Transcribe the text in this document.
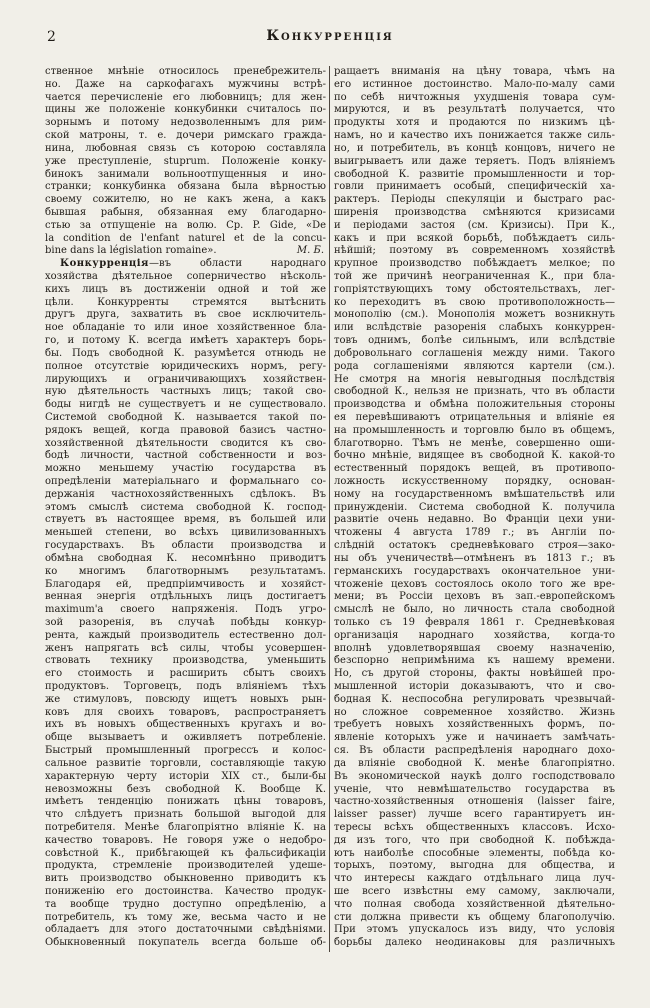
2	Конкурренція
ственное мнѣніе относилось пренебрежитель-
но. Даже на саркофагахъ мужчины встрѣ-
чается перечисленіе его любовницъ; для жен-
щины же положеніе конкубинки считалось по-
зорнымъ и потому недозволеннымъ для рим-
ской матроны, т. е. дочери римскаго гражда-
нина, любовная связь съ которою составляла
уже преступленіе, stuprum. Положеніе конку-
бинокъ занимали вольноотпущенныя и ино-
странки; конкубинка обязана была вѣрностью
своему сожителю, но не какъ жена, а какъ
бывшая рабыня, обязанная ему благодарно-
стью за отпущеніе на волю. Ср. P. Gide, «De
la condition de l'enfant naturel et de la concu-
bine dans la législation romaine».	М. Б.
Конкурренція—въ области народнаго
хозяйства дѣятельное соперничество нѣсколь-
кихъ лицъ въ достиженіи одной и той же
цѣли. Конкурренты стремятся вытѣснить
другъ друга, захватить въ свое исключитель-
ное обладаніе то или иное хозяйственное бла-
го, и потому К. всегда имѣетъ характеръ борь-
бы. Подъ свободной К. разумѣется отнюдь не
полное отсутствіе юридическихъ нормъ, регу-
лирующихъ и ограничивающихъ хозяйствен-
ную дѣятельность частныхъ лицъ; такой сво-
боды нигдѣ не существуетъ и не существовало.
Системой свободной К. называется такой по-
рядокъ вещей, когда правовой базисъ частно-
хозяйственной дѣятельности сводится къ сво-
бодѣ личности, частной собственности и воз-
можно меньшему участію государства въ
опредѣленіи матеріальнаго и формальнаго со-
держанія частнохозяйственныхъ сдѣлокъ. Въ
этомъ смыслѣ система свободной К. господ-
ствуетъ въ настоящее время, въ большей или
меньшей степени, во всѣхъ цивилизованныхъ
государствахъ. Въ области производства и
обмѣна свободная К. несомнѣнно приводитъ
ко многимъ благотворнымъ результатамъ.
Благодаря ей, предпріимчивость и хозяйст-
венная энергія отдѣльныхъ лицъ достигаетъ
maximum'а своего напряженія. Подъ угро-
зой разоренія, въ случаѣ побѣды конкур-
рента, каждый производитель естественно дол-
женъ напрягать всѣ силы, чтобы усовершен-
ствовать технику производства, уменьшить
его стоимость и расширить сбытъ своихъ
продуктовъ. Торговецъ, подъ вліяніемъ тѣхъ
же стимуловъ, повсюду ищетъ новыхъ рын-
ковъ для своихъ товаровъ, распространяетъ
ихъ въ новыхъ общественныхъ кругахъ и во-
обще вызываетъ и оживляетъ потребленіе.
Быстрый промышленный прогрессъ и колос-
сальное развитіе торговли, составляющіе такую
характерную черту исторіи XIX ст., были-бы
невозможны безъ свободной К. Вообще К.
имѣетъ тенденцію понижать цѣны товаровъ,
что слѣдуетъ признать большой выгодой для
потребителя. Менѣе благопріятно вліяніе К. на
качество товаровъ. Не говоря уже о недобро-
совѣстной К., прибѣгающей къ фальсификаціи
продукта, стремленіе производителей удеше-
вить производство обыкновенно приводитъ къ
пониженію его достоинства. Качество продук-
та вообще трудно доступно опредѣленію, а
потребитель, къ тому же, весьма часто и не
обладаетъ для этого достаточными свѣдѣніями.
Обыкновенный покупатель всегда больше об-
ращаетъ вниманія на цѣну товара, чѣмъ на
его истинное достоинство. Мало-по-малу сами
по себѣ ничтожныя ухудшенія товара сум-
мируются, и въ результатѣ получается, что
продукты хотя и продаются по низкимъ цѣ-
намъ, но и качество ихъ понижается также силь-
но, и потребитель, въ концѣ концовъ, ничего не
выигрываетъ или даже теряетъ. Подъ вліяніемъ
свободной К. развитіе промышленности и тор-
говли принимаетъ особый, специфическій ха-
рактеръ. Періоды спекуляціи и быстраго рас-
ширенія производства смѣняются кризисами
и періодами застоя (см. Кризисы). При К.,
какъ и при всякой борьбѣ, побѣждаетъ силь-
нѣйшій; поэтому въ современномъ хозяйствѣ
крупное производство побѣждаетъ мелкое; по
той же причинѣ неограниченная К., при бла-
гопріятствующихъ тому обстоятельствахъ, лег-
ко переходитъ въ свою противоположность—
монополію (см.). Монополія можетъ возникнуть
или вслѣдствіе разоренія слабыхъ конкуррен-
товъ однимъ, болѣе сильнымъ, или вслѣдствіе
добровольнаго соглашенія между ними. Такого
рода соглашеніями являются картели (см.).
Не смотря на многія невыгодныя послѣдствія
свободной К., нельзя не признать, что въ области
производства и обмѣна положительныя стороны
ея перевѣшиваютъ отрицательныя и вліяніе ея
на промышленность и торговлю было въ общемъ,
благотворно. Тѣмъ не менѣе, совершенно оши-
бочно мнѣніе, видящее въ свободной К. какой-то
естественный порядокъ вещей, въ противопо-
ложность искусственному порядку, основан-
ному на государственномъ вмѣшательствѣ или
принужденіи. Система свободной К. получила
развитіе очень недавно. Во Франціи цехи уни-
чтожены 4 августа 1789 г.; въ Англіи по-
слѣдній остатокъ средневѣковаго строя—зако-
ны объ ученичествѣ—отмѣненъ въ 1813 г.; въ
германскихъ государствахъ окончательное уни-
чтоженіе цеховъ состоялось около того же вре-
мени; въ Россіи цеховъ въ зап.-европейскомъ
смыслѣ не было, но личность стала свободной
только съ 19 февраля 1861 г. Средневѣковая
организація народнаго хозяйства, когда-то
вполнѣ удовлетворявшая своему назначенію,
безспорно непримѣнима къ нашему времени.
Но, съ другой стороны, факты новѣйшей про-
мышленной исторіи доказываютъ, что и сво-
бодная К. неспособна регулировать чрезвычай-
но сложное современное хозяйство. Жизнь
требуетъ новыхъ хозяйственныхъ формъ, по-
явленіе которыхъ уже и начинаетъ замѣчать-
ся. Въ области распредѣленія народнаго дохо-
да вліяніе свободной К. менѣе благопріятно.
Въ экономической наукѣ долго господствовало
ученіе, что невмѣшательство государства въ
частно-хозяйственныя отношенія (laisser faire,
laisser passer) лучше всего гарантируетъ ин-
тересы всѣхъ общественныхъ классовъ. Исхо-
дя изъ того, что при свободной К. побѣжда-
ютъ наиболѣе способные элементы, побѣда ко-
торыхъ, поэтому, выгодна для общества, и
что интересы каждаго отдѣльнаго лица луч-
ше всего извѣстны ему самому, заключали,
что полная свобода хозяйственной дѣятельно-
сти должна привести къ общему благополучію.
При этомъ упускалось изъ виду, что условія
борьбы далеко неодинаковы для различныхъ
